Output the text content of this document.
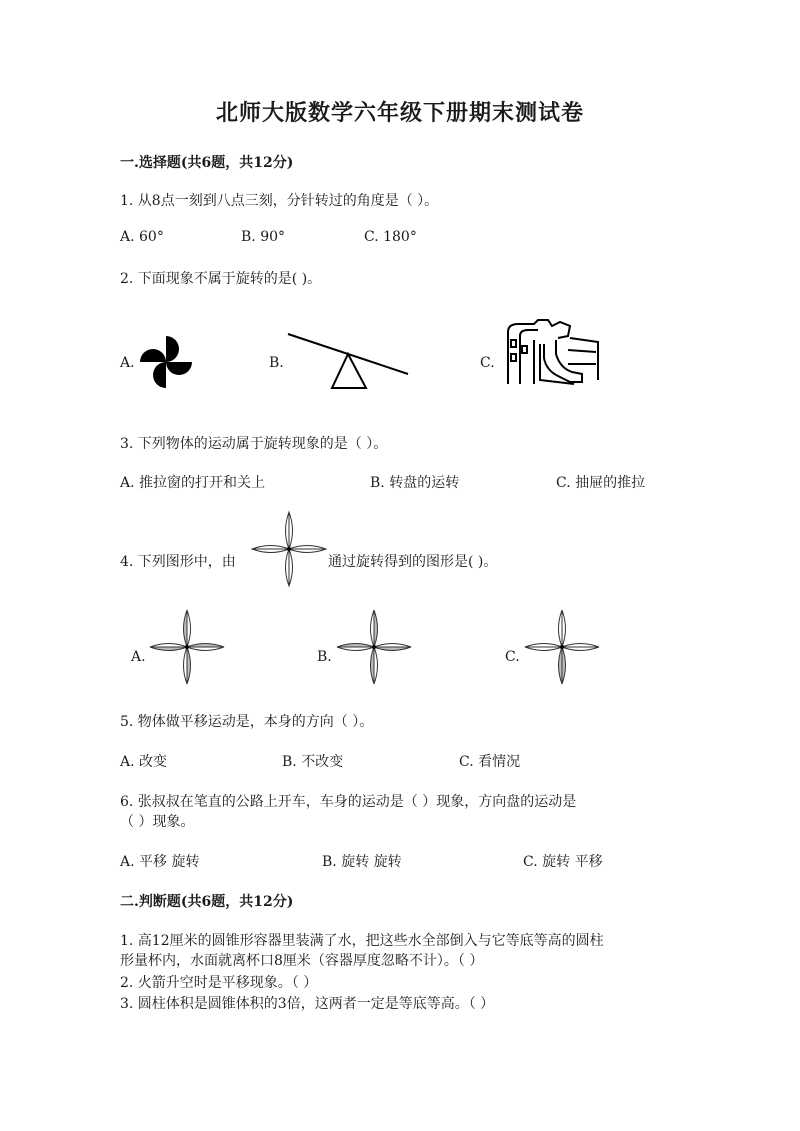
北师大版数学六年级下册期末测试卷
一.选择题(共6题，共12分)
1. 从8点一刻到八点三刻，分针转过的角度是（ ）。
A. 60°	B. 90°	C. 180°
2. 下面现象不属于旋转的是( )。
A.	B.	C.
3. 下列物体的运动属于旋转现象的是（ ）。
A. 推拉窗的打开和关上	B. 转盘的运转	C. 抽屉的推拉
4. 下列图形中，由	通过旋转得到的图形是( )。
A.	B.	C.
5. 物体做平移运动是，本身的方向（ ）。
A. 改变	B. 不改变	C. 看情况
6. 张叔叔在笔直的公路上开车，车身的运动是（ ）现象，方向盘的运动是
（ ）现象。
A. 平移 旋转	B. 旋转 旋转	C. 旋转 平移
二.判断题(共6题，共12分)
1. 高12厘米的圆锥形容器里装满了水，把这些水全部倒入与它等底等高的圆柱
形量杯内，水面就离杯口8厘米（容器厚度忽略不计）。（ ）
2. 火箭升空时是平移现象。（ ）
3. 圆柱体积是圆锥体积的3倍，这两者一定是等底等高。（ ）
